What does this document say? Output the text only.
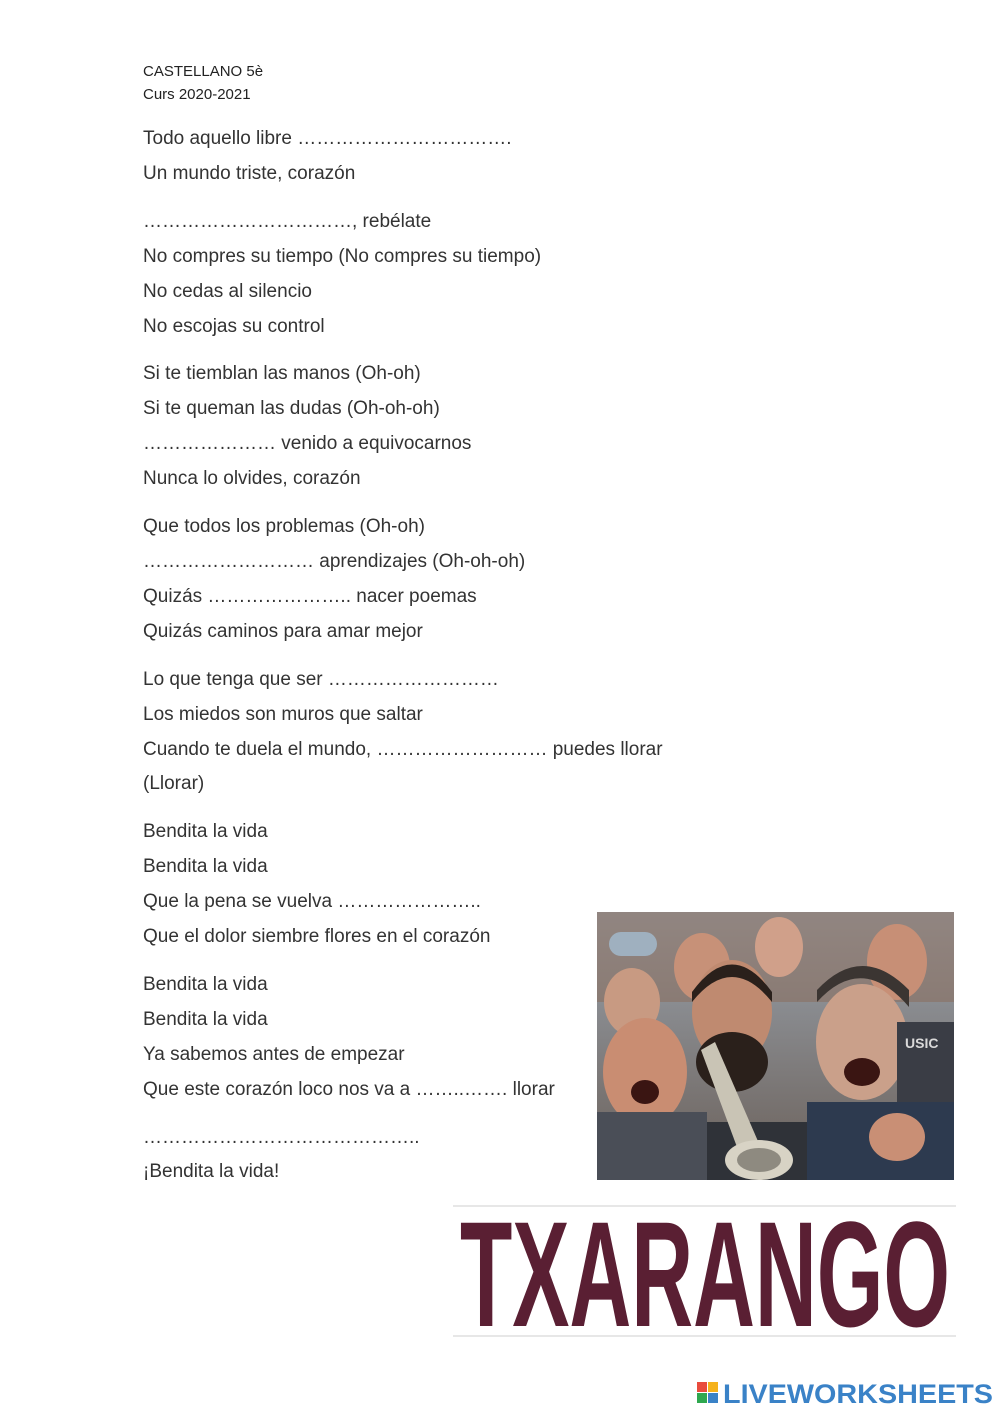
CASTELLANO 5è
Curs 2020-2021
Todo aquello libre …………………………….
Un mundo triste, corazón
……………………………, rebélate
No compres su tiempo (No compres su tiempo)
No cedas al silencio
No escojas su control
Si te tiemblan las manos (Oh-oh)
Si te queman las dudas (Oh-oh-oh)
………………… venido a equivocarnos
Nunca lo olvides, corazón
Que todos los problemas (Oh-oh)
……………………… aprendizajes (Oh-oh-oh)
Quizás ………………….. nacer poemas
Quizás caminos para amar mejor
Lo que tenga que ser ………………………
Los miedos son muros que saltar
Cuando te duela el mundo, ……………………… puedes llorar
(Llorar)
Bendita la vida
Bendita la vida
Que la pena se vuelva …………………..
Que el dolor siembre flores en el corazón
Bendita la vida
Bendita la vida
Ya sabemos antes de empezar
Que este corazón loco nos va a ……..……. llorar
……………………………………..
¡Bendita la vida!
USIC
TXARANGO
LIVEWORKSHEETS
